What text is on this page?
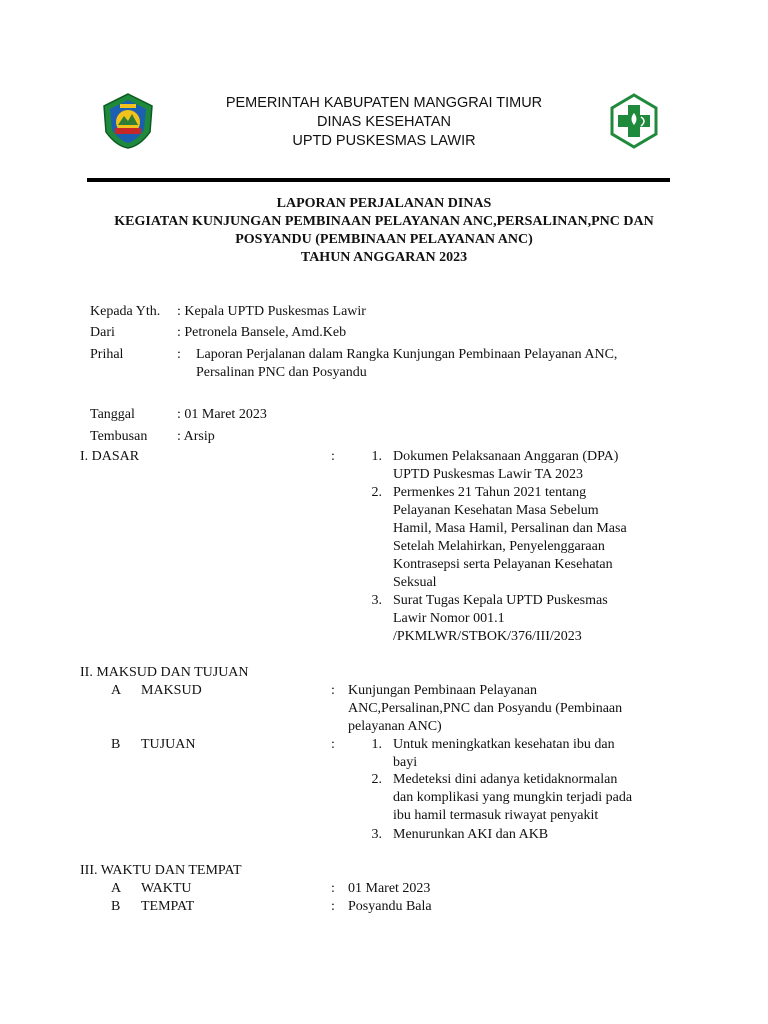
PEMERINTAH KABUPATEN MANGGRAI TIMUR
DINAS KESEHATAN
UPTD PUSKESMAS LAWIR
LAPORAN PERJALANAN DINAS
KEGIATAN KUNJUNGAN PEMBINAAN PELAYANAN ANC,PERSALINAN,PNC DAN
POSYANDU (PEMBINAAN PELAYANAN ANC)
TAHUN ANGGARAN 2023
Kepada Yth. : Kepala UPTD Puskesmas Lawir
Dari	: Petronela Bansele, Amd.Keb
Prihal	: Laporan Perjalanan dalam Rangka Kunjungan Pembinaan Pelayanan ANC,
Persalinan PNC dan Posyandu
Tanggal	: 01 Maret 2023
Tembusan : Arsip
I. DASAR	:	1. Dokumen Pelaksanaan Anggaran (DPA)
UPTD Puskesmas Lawir TA 2023
2. Permenkes 21 Tahun 2021 tentang
Pelayanan Kesehatan Masa Sebelum
Hamil, Masa Hamil, Persalinan dan Masa
Setelah Melahirkan, Penyelenggaraan
Kontrasepsi serta Pelayanan Kesehatan
Seksual
3. Surat Tugas Kepala UPTD Puskesmas
Lawir Nomor 001.1
/PKMLWR/STBOK/376/III/2023
II. MAKSUD DAN TUJUAN
A MAKSUD	: Kunjungan Pembinaan Pelayanan
ANC,Persalinan,PNC dan Posyandu (Pembinaan
pelayanan ANC)
B TUJUAN	:	1. Untuk meningkatkan kesehatan ibu dan
bayi
2. Medeteksi dini adanya ketidaknormalan
dan komplikasi yang mungkin terjadi pada
ibu hamil termasuk riwayat penyakit
3. Menurunkan AKI dan AKB
III. WAKTU DAN TEMPAT
A WAKTU	: 01 Maret 2023
B TEMPAT	: Posyandu Bala
